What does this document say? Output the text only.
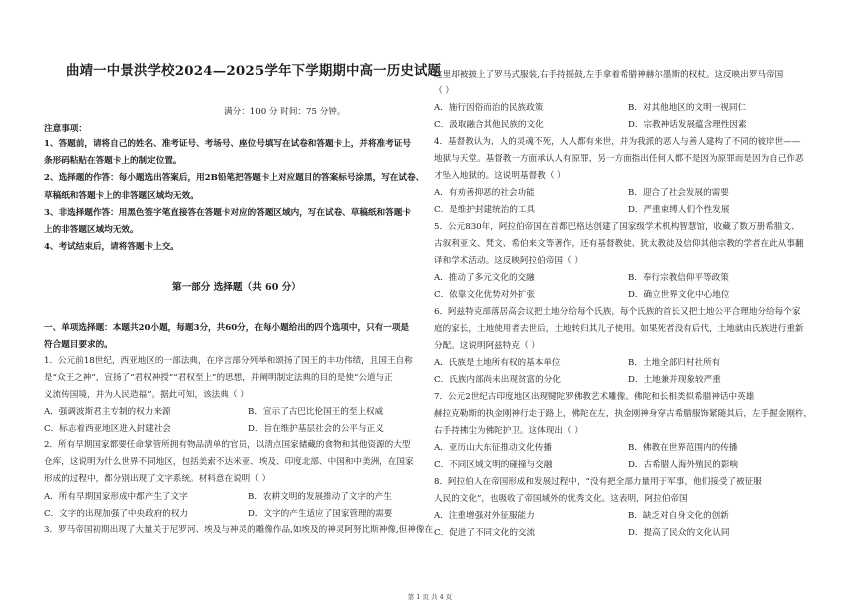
曲靖一中景洪学校2024—2025学年下学期期中高一历史试题
满分：100 分 时间：75 分钟。
注意事项：
1、答题前，请将自己的姓名、准考证号、考场号、座位号填写在试卷和答题卡上，并将准考证号
条形码粘贴在答题卡上的制定位置。
2、选择题的作答：每小题选出答案后，用2B铅笔把答题卡上对应题目的答案标号涂黑，写在试卷、
草稿纸和答题卡上的非答题区域均无效。
3、非选择题作答：用黑色签字笔直接答在答题卡对应的答题区域内，写在试卷、草稿纸和答题卡
上的非答题区域均无效。
4、考试结束后，请将答题卡上交。
第一部分 选择题（共 60 分）
一、单项选择题：本题共20小题，每题3分，共60分，在每小题给出的四个选项中，只有一项是
符合题目要求的。
1．公元前18世纪，西亚地区的一部法典，在序言部分列举和颂扬了国王的丰功伟绩，且国王自称
是“众王之神”，宣扬了“君权神授”“君权至上”的思想，并阐明制定法典的目的是使“公道与正
义流传国境，并为人民造福”。据此可知，该法典（ ）
A．强调波斯君主专制的权力来源	B．宣示了古巴比伦国王的至上权威
C．标志着西亚地区进入封建社会	D．旨在维护基层社会的公平与正义
2．所有早期国家都要任命掌管所拥有物品清单的官员，以清点国家储藏的食物和其他资源的大型
仓库，这说明为什么世界不同地区，包括美索不达米亚、埃及、印度北部、中国和中美洲，在国家
形成的过程中，都分别出现了文字系统。材料意在说明（ ）
A．所有早期国家形成中都产生了文字	B．农耕文明的发展推动了文字的产生
C．文字的出现加强了中央政府的权力	D．文字的产生适应了国家管理的需要
3．罗马帝国初期出现了大量关于尼罗河、埃及与神灵的雕像作品,如埃及的神灵阿努比斯神像,但神像在
这里却被披上了罗马式服装,右手持摇鼓,左手拿着希腊神赫尔墨斯的权杖。这反映出罗马帝国
（ ）
A．施行因俗而治的民族政策	B．对其他地区的文明一视同仁
C．汲取融合其他民族的文化	D．宗教神话发展蕴含理性因素
4．基督教认为，人的灵魂不死，人人都有来世，并为我派的恶人与善人建构了不同的彼岸世——
地狱与天堂。基督教一方面承认人有原罪，另一方面指出任何人都不是因为原罪而是因为自己作恶
才坠入地狱的。这说明基督教（ ）
A．有劝善抑恶的社会功能	B．迎合了社会发展的需要
C．是维护封建统治的工具	D．严重束缚人们个性发展
5．公元830年，阿拉伯帝国在首都巴格达创建了国家级学术机构智慧馆，收藏了数万册希腊文、
古叙利亚文、梵文、希伯来文等著作，还有基督教徒、犹太教徒及信仰其他宗教的学者在此从事翻
译和学术活动。这反映阿拉伯帝国（ ）
A．推动了多元文化的交融	B．奉行宗教信仰平等政策
C．依靠文化优势对外扩张	D．确立世界文化中心地位
6．阿兹特克部落居高会议把土地分给每个氏族，每个氏族的首长又把土地公平合理地分给每个家
庭的家长，土地使用者去世后，土地转归其儿子使用。如果死者没有后代，土地就由氏族进行重新
分配。这说明阿兹特克（ ）
A．氏族是土地所有权的基本单位	B．土地全部归村社所有
C．氏族内部尚未出现贫富的分化	D．土地兼并现象较严重
7．公元2世纪古印度地区出现犍陀罗佛教艺术雕像。佛陀和长相类似希腊神话中英雄
赫拉克勒斯的执金刚神行走于路上，佛陀在左，执金刚神身穿古希腊服饰紧随其后，左手握金刚杵，
右手持拂尘为佛陀护卫。这体现出（ ）
A．亚历山大东征推动文化传播	B．佛教在世界范围内的传播
C．不同区域文明的碰撞与交融	D．古希腊人海外殖民的影响
8．阿拉伯人在帝国形成和发展过程中，“没有把全部力量用于军事，他们接受了被征服
人民的文化”，也吸收了帝国域外的优秀文化。这表明，阿拉伯帝国
A．注重增强对外征服能力	B．缺乏对自身文化的创新
C．促进了不同文化的交流	D．提高了民众的文化认同
第 1 页 共 4 页
